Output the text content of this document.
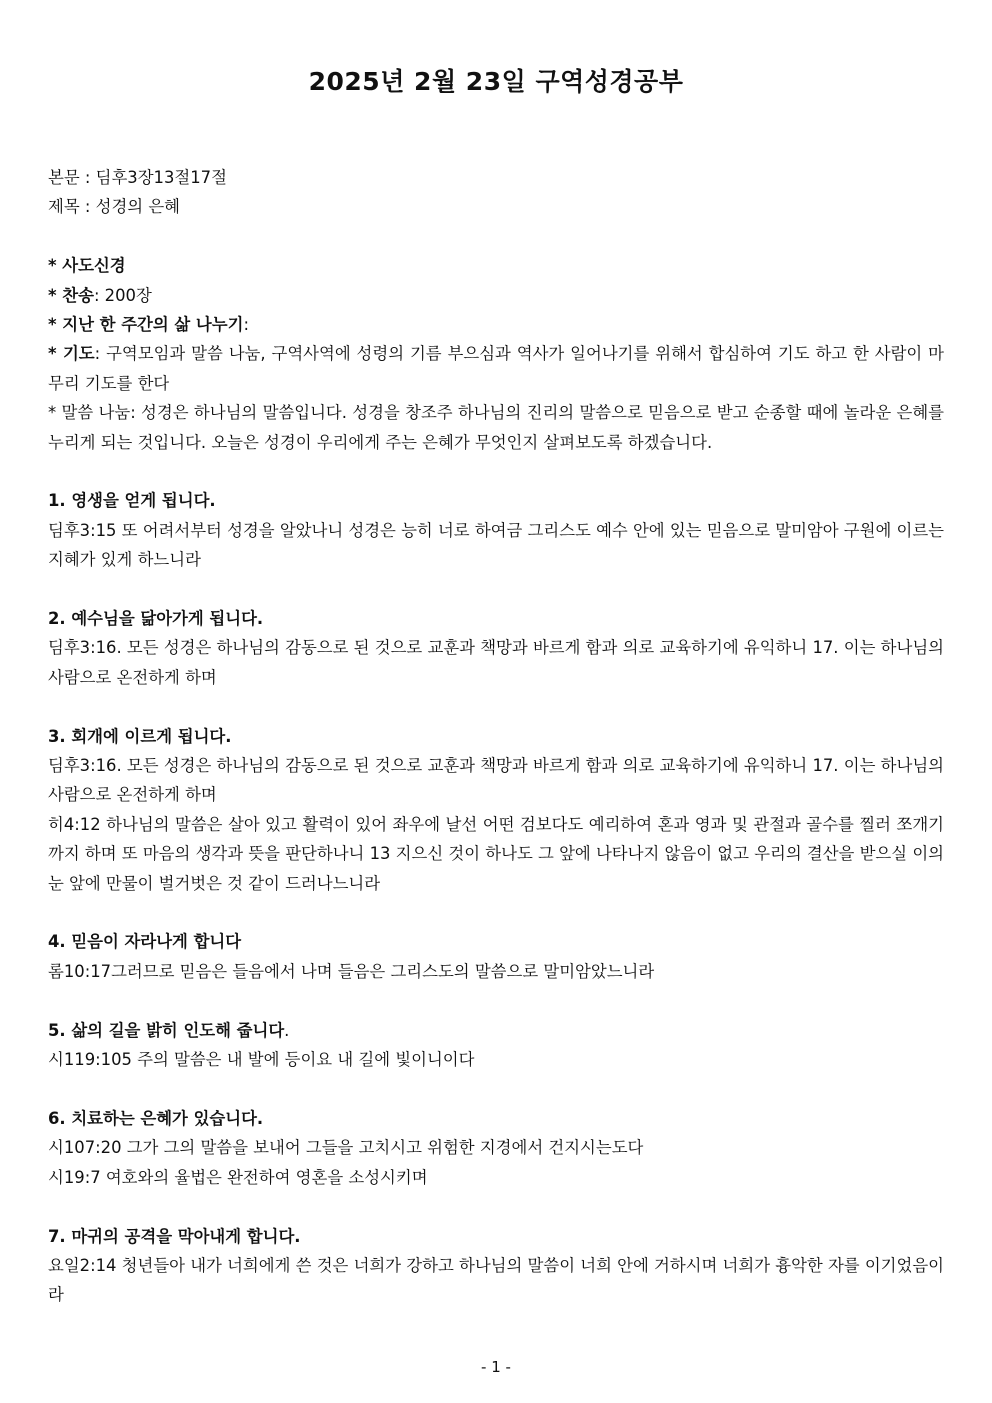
2025년 2월 23일 구역성경공부

본문 : 딤후3장13절17절

제목 : 성경의 은혜

* 사도신경

* 찬송: 200장

* 지난 한 주간의 삶 나누기:

* 기도: 구역모임과 말씀 나눔, 구역사역에 성령의 기름 부으심과 역사가 일어나기를 위해서 합심하여 기도 하고 한 사람이 마무리 기도를 한다

* 말씀 나눔: 성경은 하나님의 말씀입니다. 성경을 창조주 하나님의 진리의 말씀으로 믿음으로 받고 순종할 때에 놀라운 은혜를 누리게 되는 것입니다. 오늘은 성경이 우리에게 주는 은혜가 무엇인지 살펴보도록 하겠습니다.

1. 영생을 얻게 됩니다.

딤후3:15 또 어려서부터 성경을 알았나니 성경은 능히 너로 하여금 그리스도 예수 안에 있는 믿음으로 말미암아 구원에 이르는 지혜가 있게 하느니라

2. 예수님을 닮아가게 됩니다.

딤후3:16. 모든 성경은 하나님의 감동으로 된 것으로 교훈과 책망과 바르게 함과 의로 교육하기에 유익하니 17. 이는 하나님의 사람으로 온전하게 하며

3. 회개에 이르게 됩니다.

딤후3:16. 모든 성경은 하나님의 감동으로 된 것으로 교훈과 책망과 바르게 함과 의로 교육하기에 유익하니 17. 이는 하나님의 사람으로 온전하게 하며

히4:12 하나님의 말씀은 살아 있고 활력이 있어 좌우에 날선 어떤 검보다도 예리하여 혼과 영과 및 관절과 골수를 찔러 쪼개기까지 하며 또 마음의 생각과 뜻을 판단하나니 13 지으신 것이 하나도 그 앞에 나타나지 않음이 없고 우리의 결산을 받으실 이의 눈 앞에 만물이 벌거벗은 것 같이 드러나느니라

4. 믿음이 자라나게 합니다

롬10:17그러므로 믿음은 들음에서 나며 들음은 그리스도의 말씀으로 말미암았느니라

5. 삶의 길을 밝히 인도해 줍니다.

시119:105 주의 말씀은 내 발에 등이요 내 길에 빛이니이다

6. 치료하는 은혜가 있습니다.

시107:20 그가 그의 말씀을 보내어 그들을 고치시고 위험한 지경에서 건지시는도다

시19:7 여호와의 율법은 완전하여 영혼을 소성시키며

7. 마귀의 공격을 막아내게 합니다.

요일2:14 청년들아 내가 너희에게 쓴 것은 너희가 강하고 하나님의 말씀이 너희 안에 거하시며 너희가 흉악한 자를 이기었음이라

- 1 -
